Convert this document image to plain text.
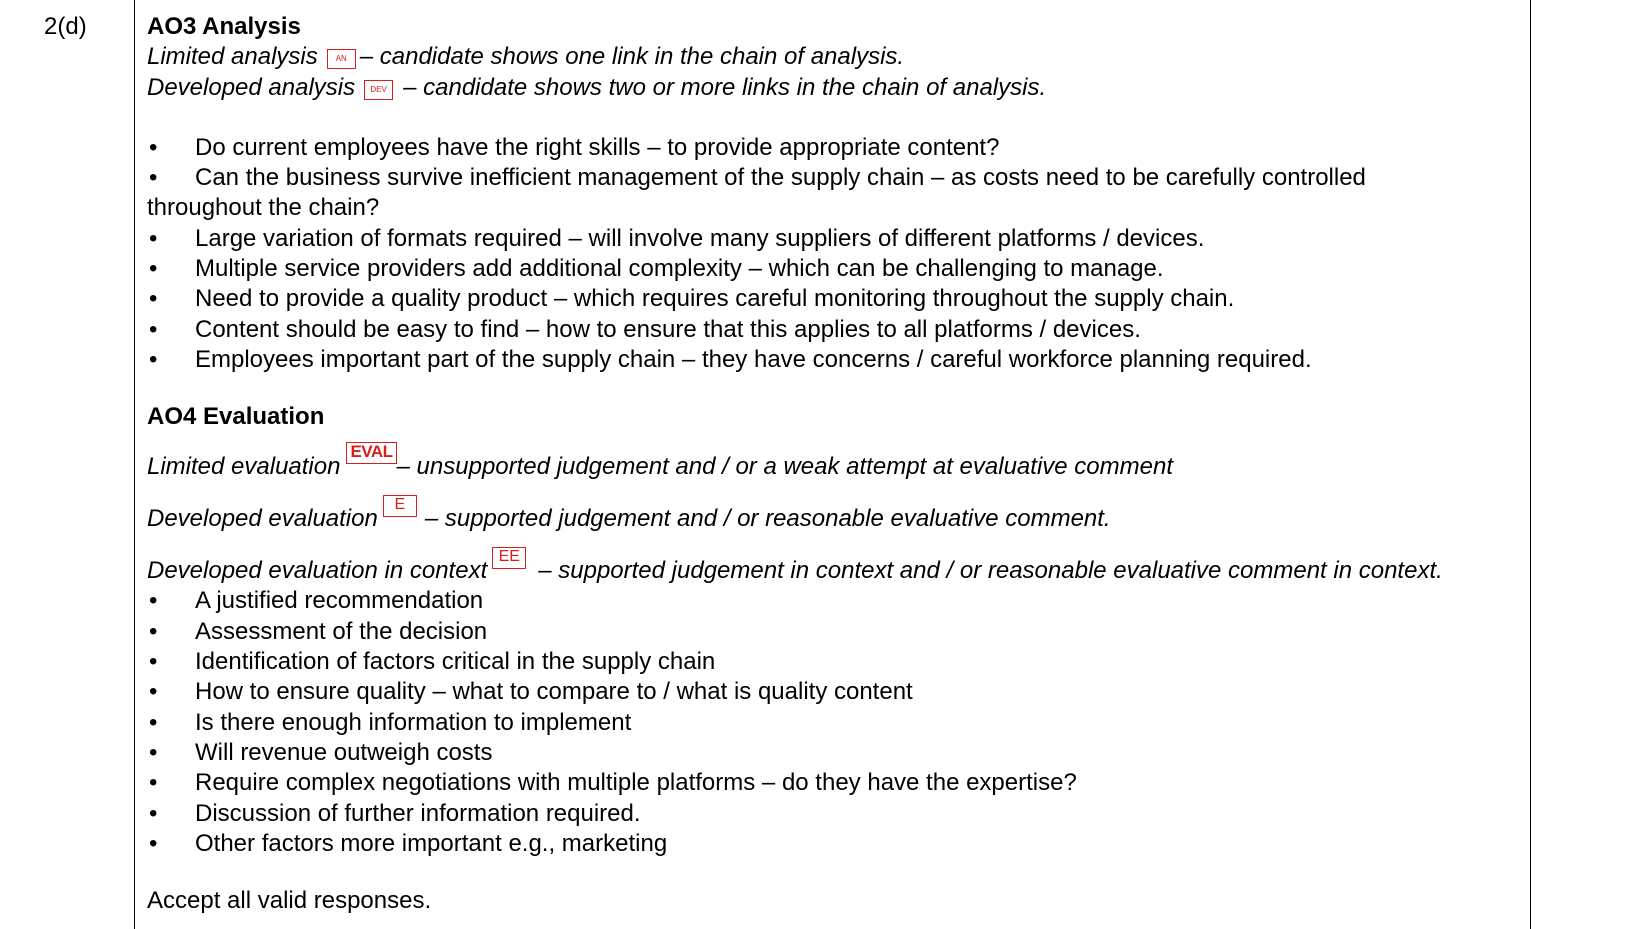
2(d)	AO3 Analysis
Limited analysis AN – candidate shows one link in the chain of analysis.
Developed analysis DEV – candidate shows two or more links in the chain of analysis.
• Do current employees have the right skills – to provide appropriate content?
• Can the business survive inefficient management of the supply chain – as costs need to be carefully controlled throughout the chain?
• Large variation of formats required – will involve many suppliers of different platforms / devices.
• Multiple service providers add additional complexity – which can be challenging to manage.
• Need to provide a quality product – which requires careful monitoring throughout the supply chain.
• Content should be easy to find – how to ensure that this applies to all platforms / devices.
• Employees important part of the supply chain – they have concerns / careful workforce planning required.
AO4 Evaluation
Limited evaluationEVAL– unsupported judgement and / or a weak attempt at evaluative comment
Developed evaluationE– supported judgement and / or reasonable evaluative comment.
Developed evaluation in contextEE– supported judgement in context and / or reasonable evaluative comment in context.
• A justified recommendation
• Assessment of the decision
• Identification of factors critical in the supply chain
• How to ensure quality – what to compare to / what is quality content
• Is there enough information to implement
• Will revenue outweigh costs
• Require complex negotiations with multiple platforms – do they have the expertise?
• Discussion of further information required.
• Other factors more important e.g., marketing
Accept all valid responses.
